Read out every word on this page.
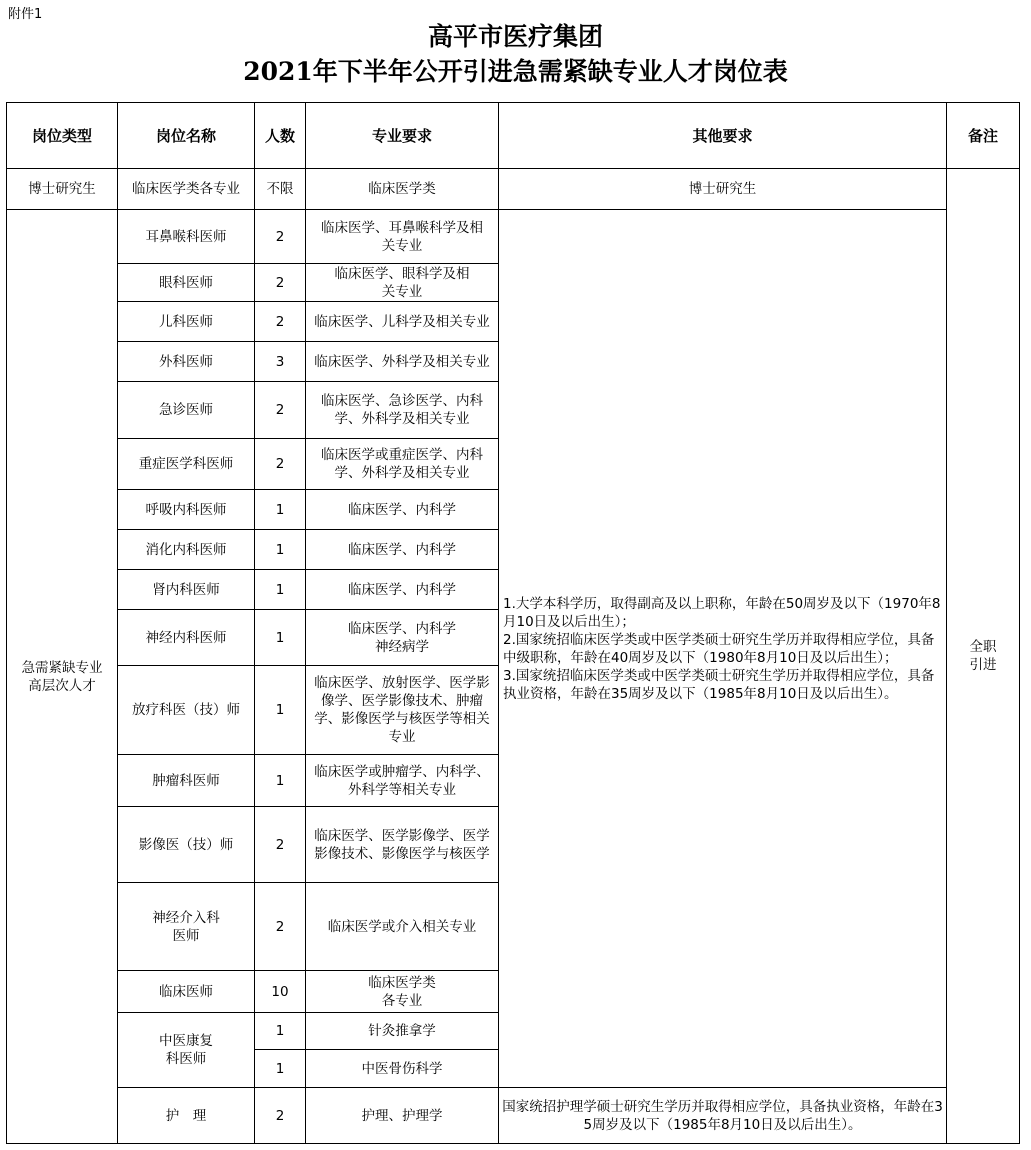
附件1
高平市医疗集团
2021年下半年公开引进急需紧缺专业人才岗位表
岗位类型	岗位名称	人数	专业要求	其他要求	备注
博士研究生	临床医学类各专业	不限	临床医学类	博士研究生	全职引进

急需紧缺专业高层次人才	耳鼻喉科医师	2	临床医学、耳鼻喉科学及相关专业	1.大学本科学历，取得副高及以上职称，年龄在50周岁及以下（1970年8月10日及以后出生）；
2.国家统招临床医学类或中医学类硕士研究生学历并取得相应学位，具备中级职称，年龄在40周岁及以下（1980年8月10日及以后出生）；
3.国家统招临床医学类或中医学类硕士研究生学历并取得相应学位，具备执业资格，年龄在35周岁及以下（1985年8月10日及以后出生）。	

	眼科医师	2	临床医学、眼科学及相关专业		

	儿科医师	2	临床医学、儿科学及相关专业		
	外科医师	3	临床医学、外科学及相关专业		
	急诊医师	2	临床医学、急诊医学、内科学、外科学及相关专业		
	重症医学科医师	2	临床医学或重症医学、内科学、外科学及相关专业		
	呼吸内科医师	1	临床医学、内科学		
	消化内科医师	1	临床医学、内科学		
	肾内科医师	1	临床医学、内科学		
	神经内科医师	1	临床医学、内科学神经病学		

	放疗科医（技）师	1	临床医学、放射医学、医学影像学、医学影像技术、肿瘤学、影像医学与核医学等相关专业		
	肿瘤科医师	1	临床医学或肿瘤学、内科学、外科学等相关专业		
	影像医（技）师	2	临床医学、医学影像学、医学影像技术、影像医学与核医学		

	神经介入科医师	2	临床医学或介入相关专业		
	临床医师	10	临床医学类各专业		

	中医康复科医师	1	针灸推拿学		
		1	中医骨伤科学		
	护　理	2	护理、护理学	国家统招护理学硕士研究生学历并取得相应学位，具备执业资格，年龄在35周岁及以下（1985年8月10日及以后出生）。	
